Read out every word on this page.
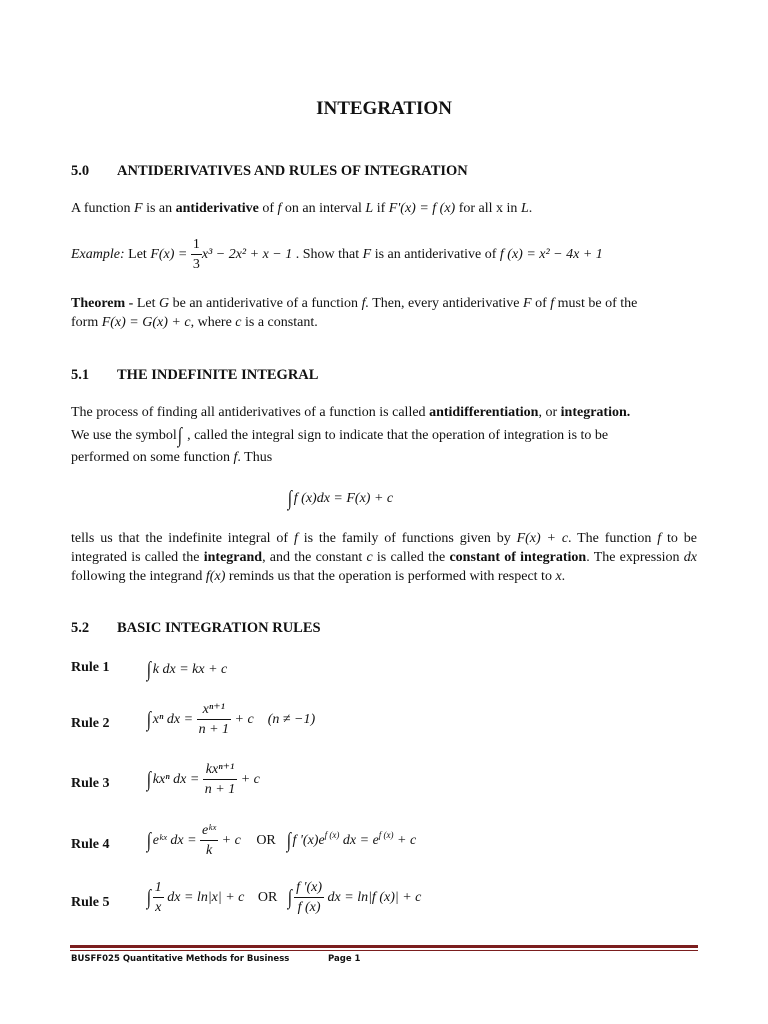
INTEGRATION
5.0 ANTIDERIVATIVES AND RULES OF INTEGRATION
A function F is an antiderivative of f on an interval L if F'(x) = f (x) for all x in L.
Example: Let $F(x) = \frac{1}{3} x^3 - 2x^2 + x - 1$ . Show that F is an antiderivative of f (x) = x² − 4x + 1
Theorem - Let G be an antiderivative of a function f. Then, every antiderivative F of f must be of the
form F(x) = G(x) + c, where c is a constant.
5.1 THE INDEFINITE INTEGRAL
The process of finding all antiderivatives of a function is called antidifferentiation, or integration.
We use the symbol∫ , called the integral sign to indicate that the operation of integration is to be
performed on some function f. Thus
∫ f (x)dx = F(x) + c
tells us that the indefinite integral of f is the family of functions given by F(x) + c. The function f to be integrated is called the integrand, and the constant c is called the constant of integration. The expression dx following the integrand f(x) reminds us that the operation is performed with respect to x.
5.2 BASIC INTEGRATION RULES
Rule 1 ∫ k dx = kx + c
Rule 2 ∫ xⁿ dx = $\frac{\text{xⁿ⁺¹}}{n + 1} + c$ (n ≠ −1)
Rule 3 ∫ kxⁿ dx = $\frac{\text{kxⁿ⁺¹}}{n + 1} + c$
Rule 4 ∫ eᵏˣ dx = $\frac{\text{eᵏˣ}}{k} + c$ OR ∫ f '$(x)e^{f (x)}$ dx = $e^{f (x)} + c$
Rule 5 ∫ $\frac{1}{x}$ dx = ln|x| + c OR ∫ $\frac{f '(x)}{f (x)}$ dx = ln|f (x)| + c
BUSFF025 Quantitative Methods for Business	Page 1
